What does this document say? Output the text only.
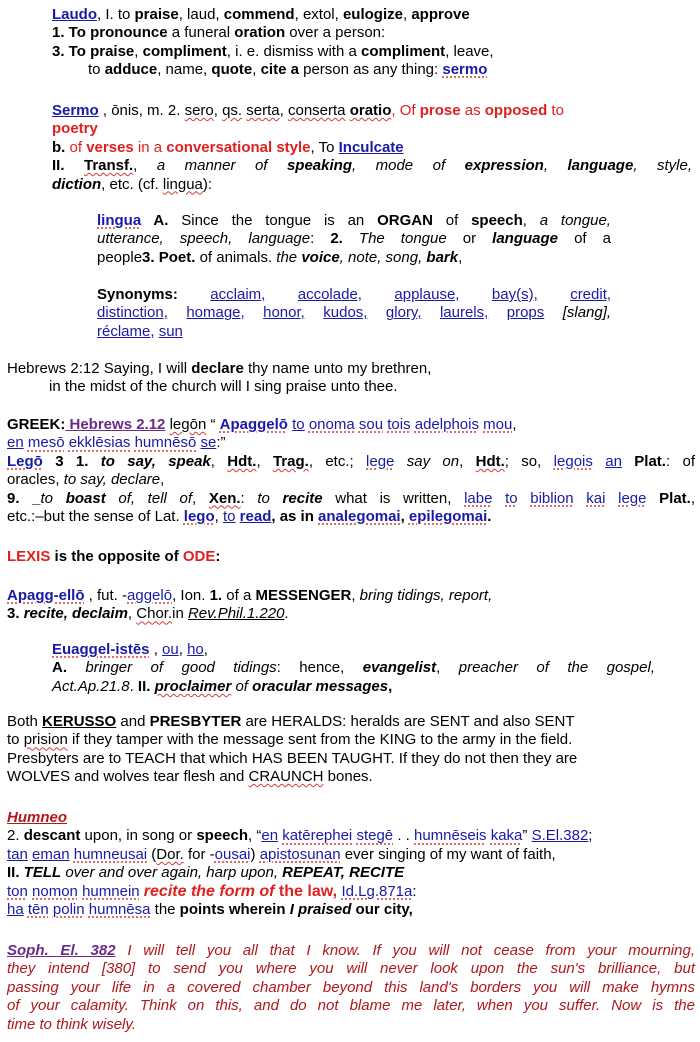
Laudo, I. to praise, laud, commend, extol, eulogize, approve
1. To pronounce a funeral oration over a person:
3. To praise, compliment, i. e. dismiss with a compliment, leave,
to adduce, name, quote, cite a person as any thing: sermo
Sermo , ōnis, m. 2. sero, qs. serta, conserta oratio, Of prose as opposed to
poetry
b. of verses in a conversational style, To Inculcate
II. Transf., a manner of speaking, mode of expression, language, style,
diction, etc. (cf. lingua):
lingua A. Since the tongue is an ORGAN of speech, a tongue,
utterance, speech, language: 2. The tongue or language of a
people3. Poet. of animals. the voice, note, song, bark,
Synonyms: acclaim, accolade, applause, bay(s), credit,
distinction, homage, honor, kudos, glory, laurels, props [slang],
réclame, sun
Hebrews 2:12 Saying, I will declare thy name unto my brethren,
in the midst of the church will I sing praise unto thee.
GREEK: Hebrews 2.12 legōn “ Apaggelō to onoma sou tois adelphois mou,
en mesō ekklēsias humnēsō se:”
Legō 3 1. to say, speak, Hdt., Trag., etc.; lege say on, Hdt.; so, legois an Plat.: of
oracles, to say, declare,
9. _to boast of, tell of, Xen.: to recite what is written, labe to biblion kai lege Plat.,
etc.:–but the sense of Lat. lego, to read, as in analegomai, epilegomai.
LEXIS is the opposite of ODE:
Apagg-ellō , fut. -aggelō, Ion. 1. of a MESSENGER, bring tidings, report,
3. recite, declaim, Chor.in Rev.Phil.1.220.
Euaggel-istēs , ou, ho,
A. bringer of good tidings: hence, evangelist, preacher of the gospel,
Act.Ap.21.8. II. proclaimer of oracular messages,
Both KERUSSO and PRESBYTER are HERALDS: heralds are SENT and also SENT
to prision if they tamper with the message sent from the KING to the army in the field.
Presbyters are to TEACH that which HAS BEEN TAUGHT. If they do not then they are
WOLVES and wolves tear flesh and CRAUNCH bones.
Humneo
2. descant upon, in song or speech, “en katērephei stegē . . humnēseis kaka” S.El.382;
tan eman humneusai (Dor. for -ousai) apistosunan ever singing of my want of faith,
II. TELL over and over again, harp upon, REPEAT, RECITE
ton nomon humnein recite the form of the law, Id.Lg.871a:
ha tēn polin humnēsa the points wherein I praised our city,
Soph. El. 382 I will tell you all that I know. If you will not cease from your mourning,
they intend [380] to send you where you will never look upon the sun's brilliance, but
passing your life in a covered chamber beyond this land's borders you will make hymns
of your calamity. Think on this, and do not blame me later, when you suffer. Now is the
time to think wisely.
